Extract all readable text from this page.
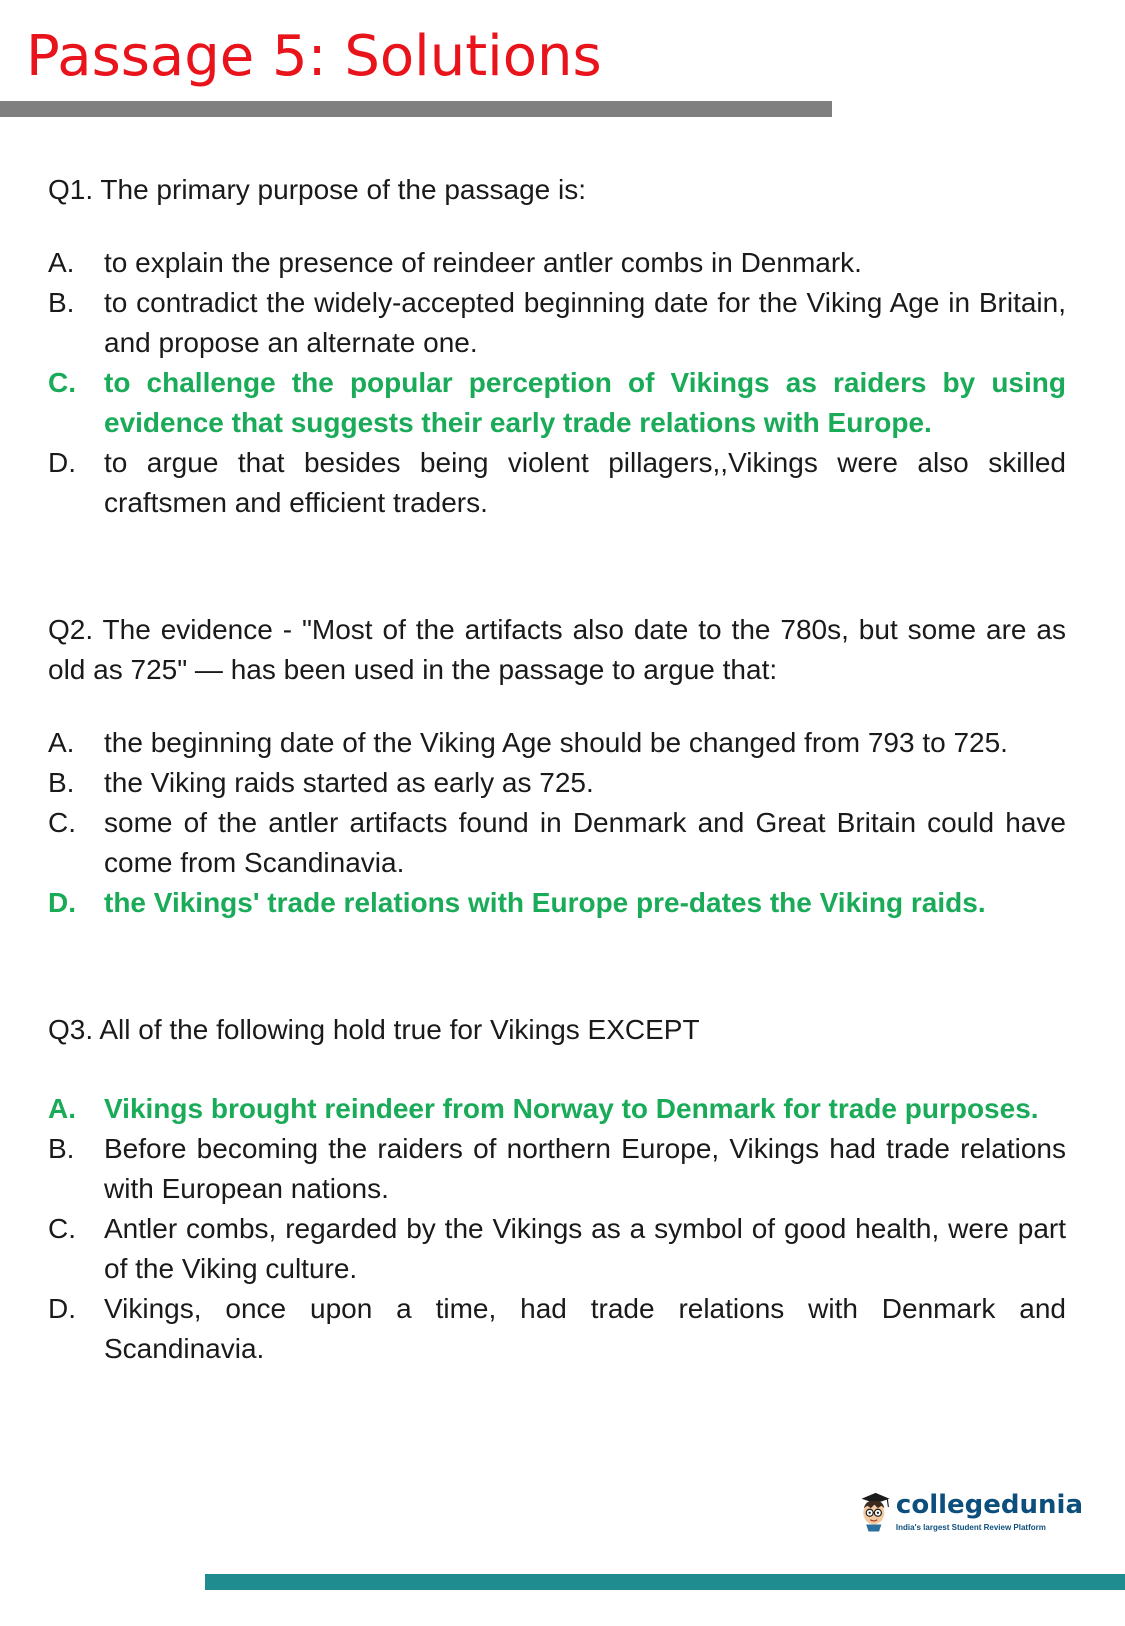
Passage 5: Solutions
Q1. The primary purpose of the passage is:
A.	to explain the presence of reindeer antler combs in Denmark.
B.	to contradict the widely-accepted beginning date for the Viking Age in Britain, and propose an alternate one.
C.	to challenge the popular perception of Vikings as raiders by using evidence that suggests their early trade relations with Europe.
D.	to argue that besides being violent pillagers,,Vikings were also skilled craftsmen and efficient traders.
Q2. The evidence - "Most of the artifacts also date to the 780s, but some are as old as 725" — has been used in the passage to argue that:
A.	the beginning date of the Viking Age should be changed from 793 to 725.
B.	the Viking raids started as early as 725.
C.	some of the antler artifacts found in Denmark and Great Britain could have come from Scandinavia.
D.	the Vikings' trade relations with Europe pre-dates the Viking raids.
Q3. All of the following hold true for Vikings EXCEPT
A.	Vikings brought reindeer from Norway to Denmark for trade purposes.
B.	Before becoming the raiders of northern Europe, Vikings had trade relations with European nations.
C.	Antler combs, regarded by the Vikings as a symbol of good health, were part of the Viking culture.
D.	Vikings, once upon a time, had trade relations with Denmark and Scandinavia.
collegedunia
India's largest Student Review Platform
